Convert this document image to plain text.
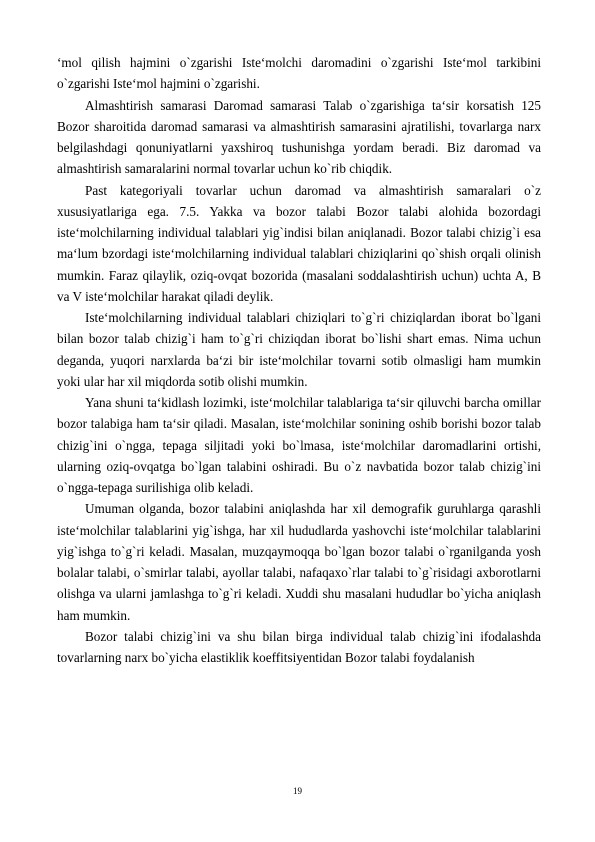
ʻmol qilish hajmini o`zgarishi Isteʻmolchi daromadini o`zgarishi Isteʻmol tarkibini o`zgarishi Isteʻmol hajmini o`zgarishi.

Almashtirish samarasi Daromad samarasi Talab o`zgarishiga taʻsir korsatish 125 Bozor sharoitida daromad samarasi va almashtirish samarasini ajratilishi, tovarlarga narx belgilashdagi qonuniyatlarni yaxshiroq tushunishga yordam beradi. Biz daromad va almashtirish samaralarini normal tovarlar uchun ko`rib chiqdik.

Past kategoriyali tovarlar uchun daromad va almashtirish samaralari o`z xususiyatlariga ega. 7.5. Yakka va bozor talabi Bozor talabi alohida bozordagi isteʻmolchilarning individual talablari yig`indisi bilan aniqlanadi. Bozor talabi chizig`i esa maʻlum bzordagi isteʻmolchilarning individual talablari chiziqlarini qo`shish orqali olinish mumkin. Faraz qilaylik, oziq-ovqat bozorida (masalani soddalashtirish uchun) uchta A, B va V isteʻmolchilar harakat qiladi deylik.

Isteʻmolchilarning individual talablari chiziqlari to`g`ri chiziqlardan iborat bo`lgani bilan bozor talab chizig`i ham to`g`ri chiziqdan iborat bo`lishi shart emas. Nima uchun deganda, yuqori narxlarda baʻzi bir isteʻmolchilar tovarni sotib olmasligi ham mumkin yoki ular har xil miqdorda sotib olishi mumkin.

Yana shuni taʻkidlash lozimki, isteʻmolchilar talablariga taʻsir qiluvchi barcha omillar bozor talabiga ham taʻsir qiladi. Masalan, isteʻmolchilar sonining oshib borishi bozor talab chizig`ini o`ngga, tepaga siljitadi yoki bo`lmasa, isteʻmolchilar daromadlarini ortishi, ularning oziq-ovqatga bo`lgan talabini oshiradi. Bu o`z navbatida bozor talab chizig`ini o`ngga-tepaga surilishiga olib keladi.

Umuman olganda, bozor talabini aniqlashda har xil demografik guruhlarga qarashli isteʻmolchilar talablarini yig`ishga, har xil hududlarda yashovchi isteʻmolchilar talablarini yig`ishga to`g`ri keladi. Masalan, muzqaymoqqa bo`lgan bozor talabi o`rganilganda yosh bolalar talabi, o`smirlar talabi, ayollar talabi, nafaqaxo`rlar talabi to`g`risidagi axborotlarni olishga va ularni jamlashga to`g`ri keladi. Xuddi shu masalani hududlar bo`yicha aniqlash ham mumkin.

Bozor talabi chizig`ini va shu bilan birga individual talab chizig`ini ifodalashda tovarlarning narx bo`yicha elastiklik koeffitsiyentidan Bozor talabi foydalanish

19
